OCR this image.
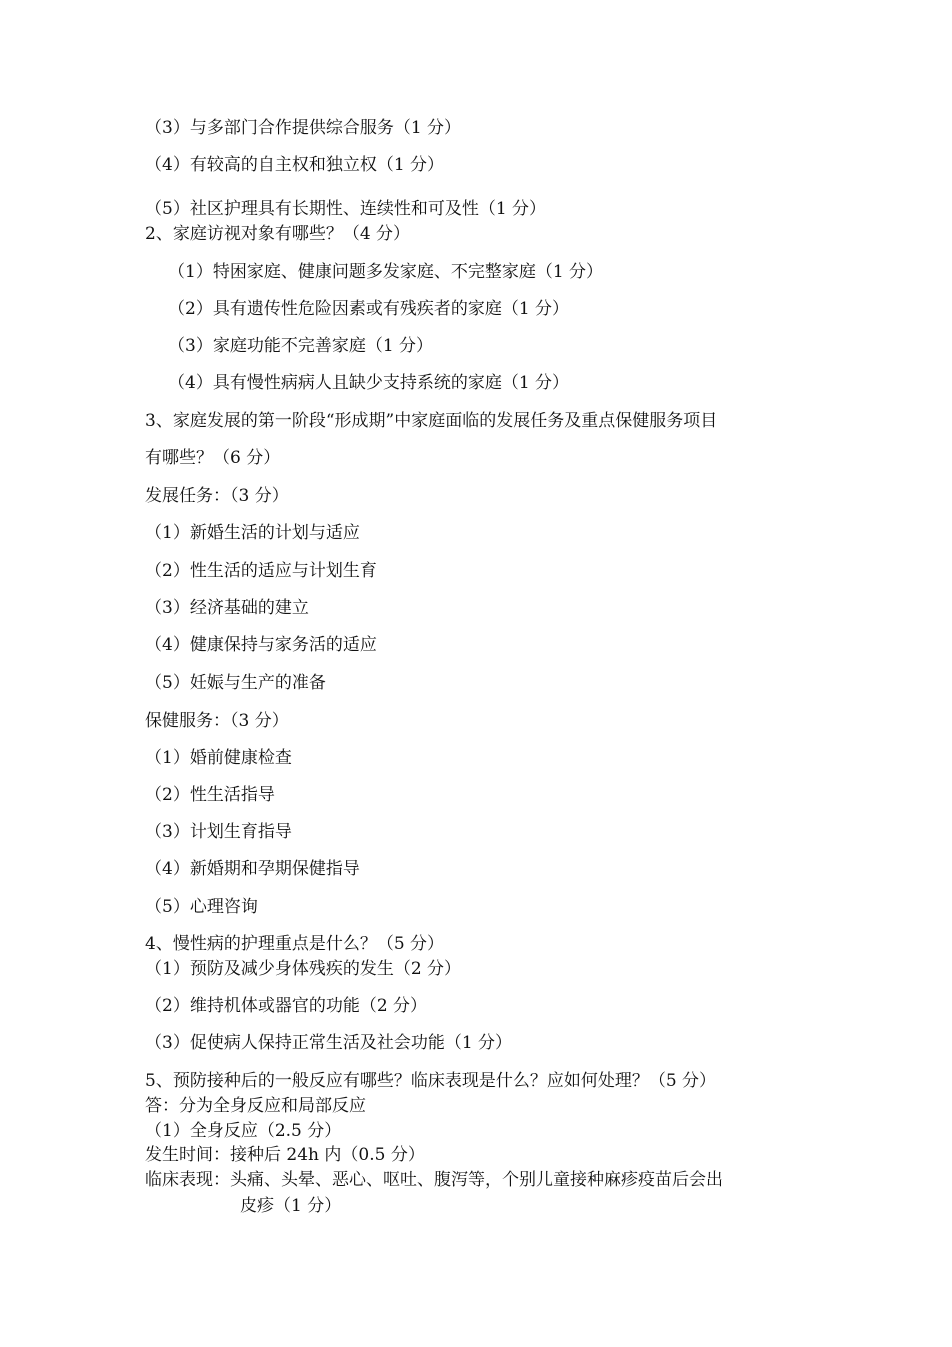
（3）与多部门合作提供综合服务（1 分）
（4）有较高的自主权和独立权（1 分）
（5）社区护理具有长期性、连续性和可及性（1 分）
2、家庭访视对象有哪些？（4 分）
（1）特困家庭、健康问题多发家庭、不完整家庭（1 分）
（2）具有遗传性危险因素或有残疾者的家庭（1 分）
（3）家庭功能不完善家庭（1 分）
（4）具有慢性病病人且缺少支持系统的家庭（1 分）
3、家庭发展的第一阶段“形成期”中家庭面临的发展任务及重点保健服务项目
有哪些？（6 分）
发展任务：（3 分）
（1）新婚生活的计划与适应
（2）性生活的适应与计划生育
（3）经济基础的建立
（4）健康保持与家务活的适应
（5）妊娠与生产的准备
保健服务：（3 分）
（1）婚前健康检查
（2）性生活指导
（3）计划生育指导
（4）新婚期和孕期保健指导
（5）心理咨询
4、慢性病的护理重点是什么？（5 分）
（1）预防及减少身体残疾的发生（2 分）
（2）维持机体或器官的功能（2 分）
（3）促使病人保持正常生活及社会功能（1 分）
5、预防接种后的一般反应有哪些？临床表现是什么？应如何处理？（5 分）
答：分为全身反应和局部反应
（1）全身反应（2.5 分）
发生时间：接种后 24h 内（0.5 分）
临床表现：头痛、头晕、恶心、呕吐、腹泻等，个别儿童接种麻疹疫苗后会出
皮疹（1 分）
